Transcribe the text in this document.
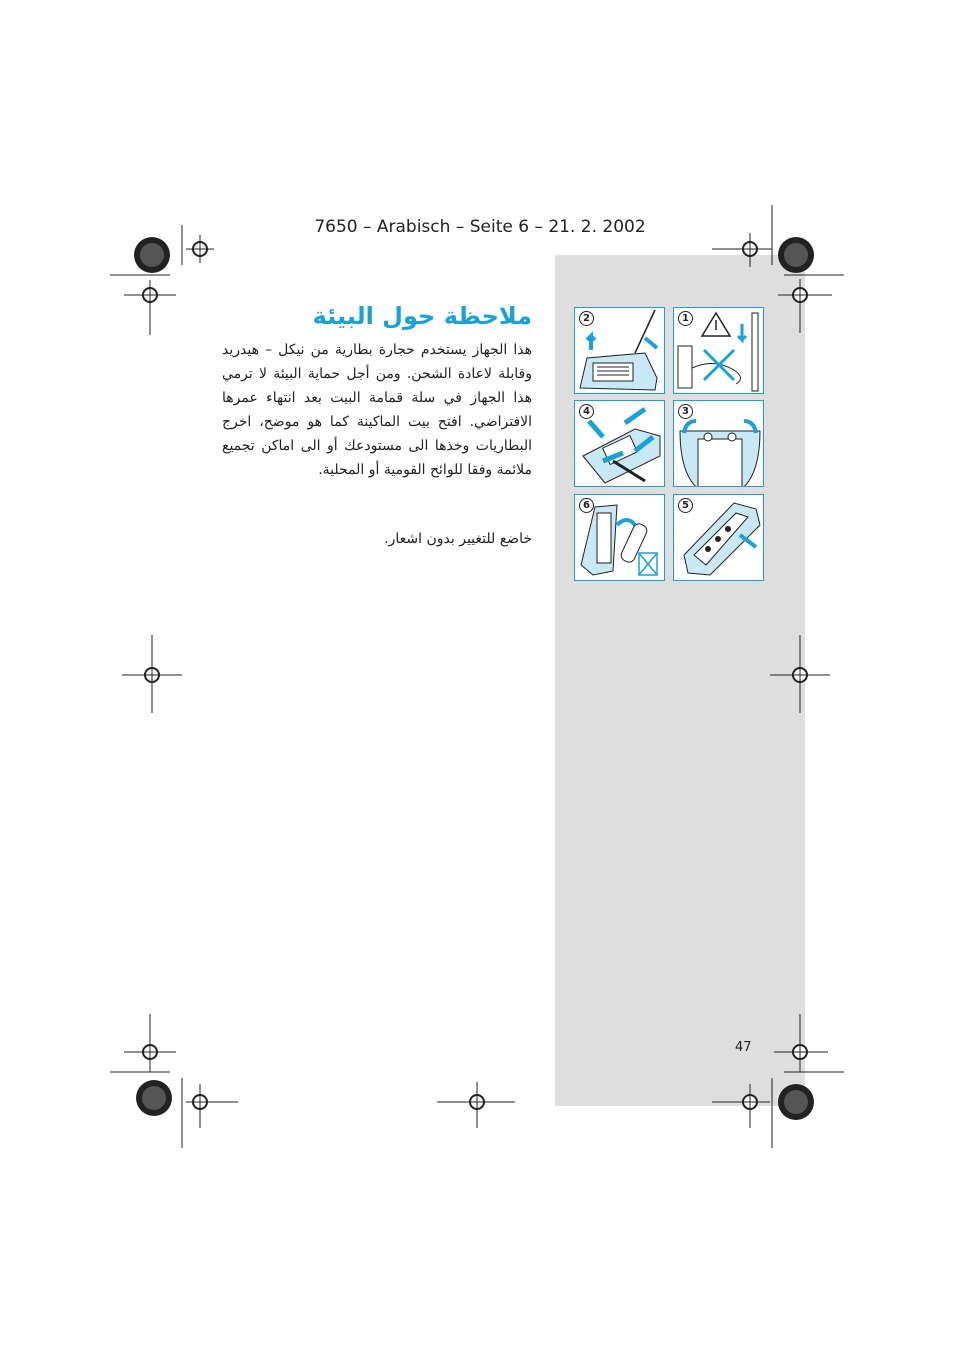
7650 – Arabisch – Seite 6 – 21. 2. 2002
ملاحظة حول البيئة
هذا الجهاز يستخدم حجارة بطارية من نيكل – هيدريد وقابلة لاعادة الشحن. ومن أجل حماية البيئة لا ترمي هذا الجهاز في سلة قمامة البيت بعد انتهاء عمرها الافتراضي. افتح بيت الماكينة كما هو موضح، اخرج البطاريات وخذها الى مستودعك أو الى اماكن تجميع ملائمة وفقا للوائح القومية أو المحلية.
خاضع للتغيير بدون اشعار.
47
2	1
4	3
6	5
